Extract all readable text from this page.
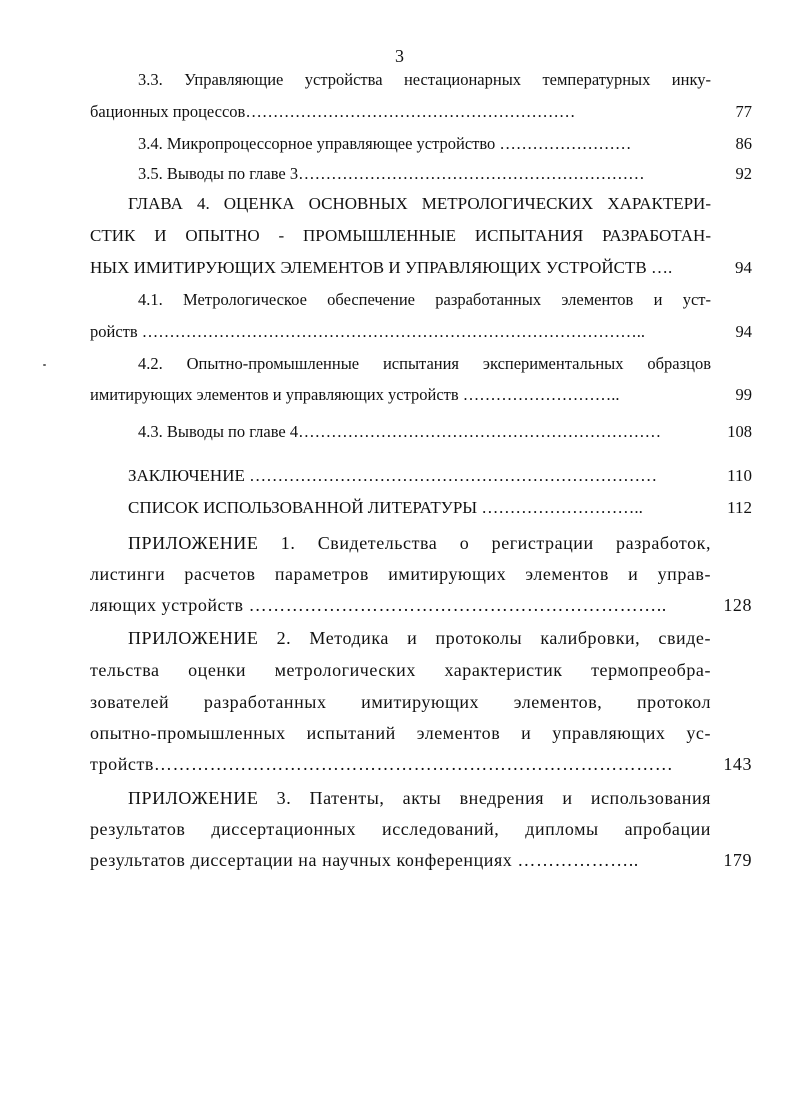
3
3.3. Управляющие устройства нестационарных температурных инку-
бационных процессов……………………………………………………	77
3.4. Микропроцессорное управляющее устройство ……………………	86
3.5. Выводы по главе 3………………………………………………………	92
ГЛАВА 4. ОЦЕНКА ОСНОВНЫХ МЕТРОЛОГИЧЕСКИХ ХАРАКТЕРИ-
СТИК И ОПЫТНО - ПРОМЫШЛЕННЫЕ ИСПЫТАНИЯ РАЗРАБОТАН-
НЫХ ИМИТИРУЮЩИХ ЭЛЕМЕНТОВ И УПРАВЛЯЮЩИХ УСТРОЙСТВ ….	94
4.1. Метрологическое обеспечение разработанных элементов и уст-
ройств ………………………………………………………………………………..	94
4.2. Опытно-промышленные испытания экспериментальных образцов
имитирующих элементов и управляющих устройств ………………………..	99
4.3. Выводы по главе 4…………………………………………………………	108
ЗАКЛЮЧЕНИЕ ………………………………………………………………	110
СПИСОК ИСПОЛЬЗОВАННОЙ ЛИТЕРАТУРЫ ………………………..	112
ПРИЛОЖЕНИЕ 1. Свидетельства о регистрации разработок,
листинги расчетов параметров имитирующих элементов и управ-
ляющих устройств …………………………………………………………..	128
ПРИЛОЖЕНИЕ 2. Методика и протоколы калибровки, свиде-
тельства оценки метрологических характеристик термопреобра-
зователей разработанных имитирующих элементов, протокол
опытно-промышленных испытаний элементов и управляющих ус-
тройств…………………………………………………………………………	143
ПРИЛОЖЕНИЕ 3. Патенты, акты внедрения и использования
результатов диссертационных исследований, дипломы апробации
результатов диссертации на научных конференциях ………………..	179
